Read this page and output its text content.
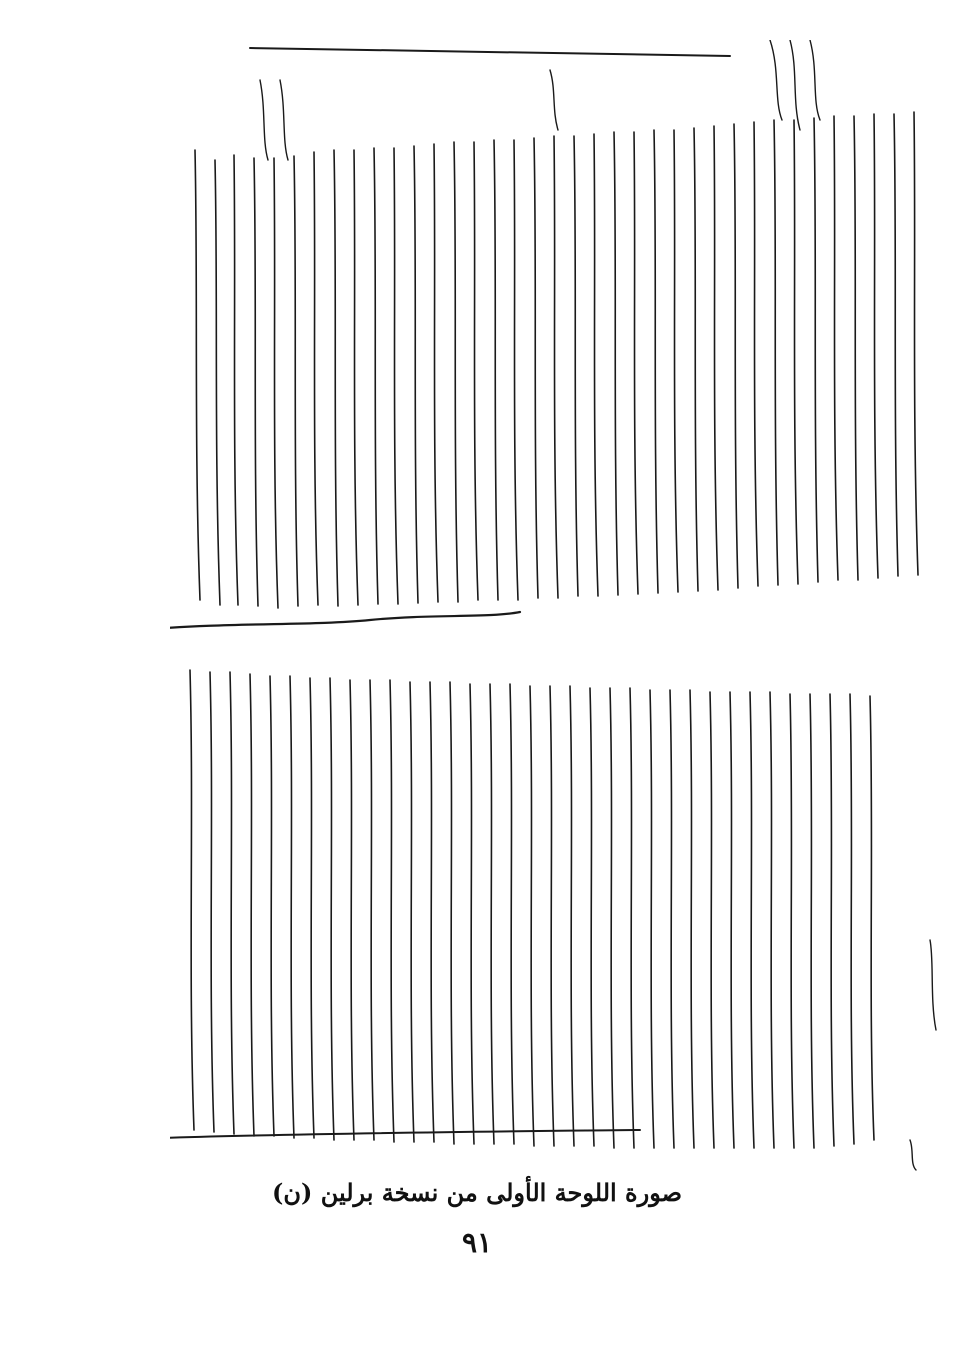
صورة اللوحة الأولى من نسخة برلين (ن)
٩١
